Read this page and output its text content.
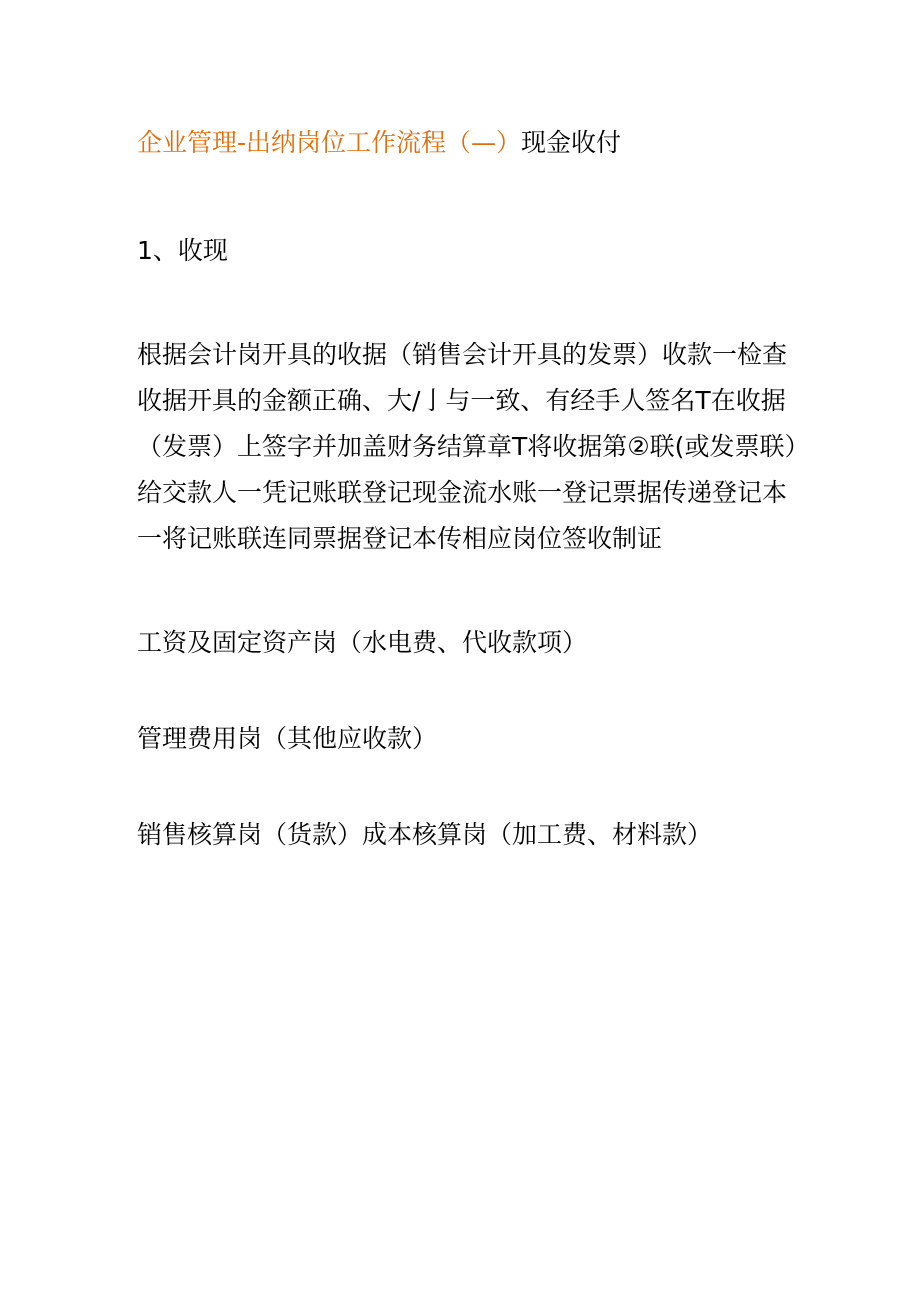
企业管理-出纳岗位工作流程（—）现金收付
1、收现
根据会计岗开具的收据（销售会计开具的发票）收款一检查
收据开具的金额正确、大/亅与一致、有经手人签名T在收据
（发票）上签字并加盖财务结算章T将收据第②联(或发票联）
给交款人一凭记账联登记现金流水账一登记票据传递登记本
一将记账联连同票据登记本传相应岗位签收制证
工资及固定资产岗（水电费、代收款项）
管理费用岗（其他应收款）
销售核算岗（货款）成本核算岗（加工费、材料款）
